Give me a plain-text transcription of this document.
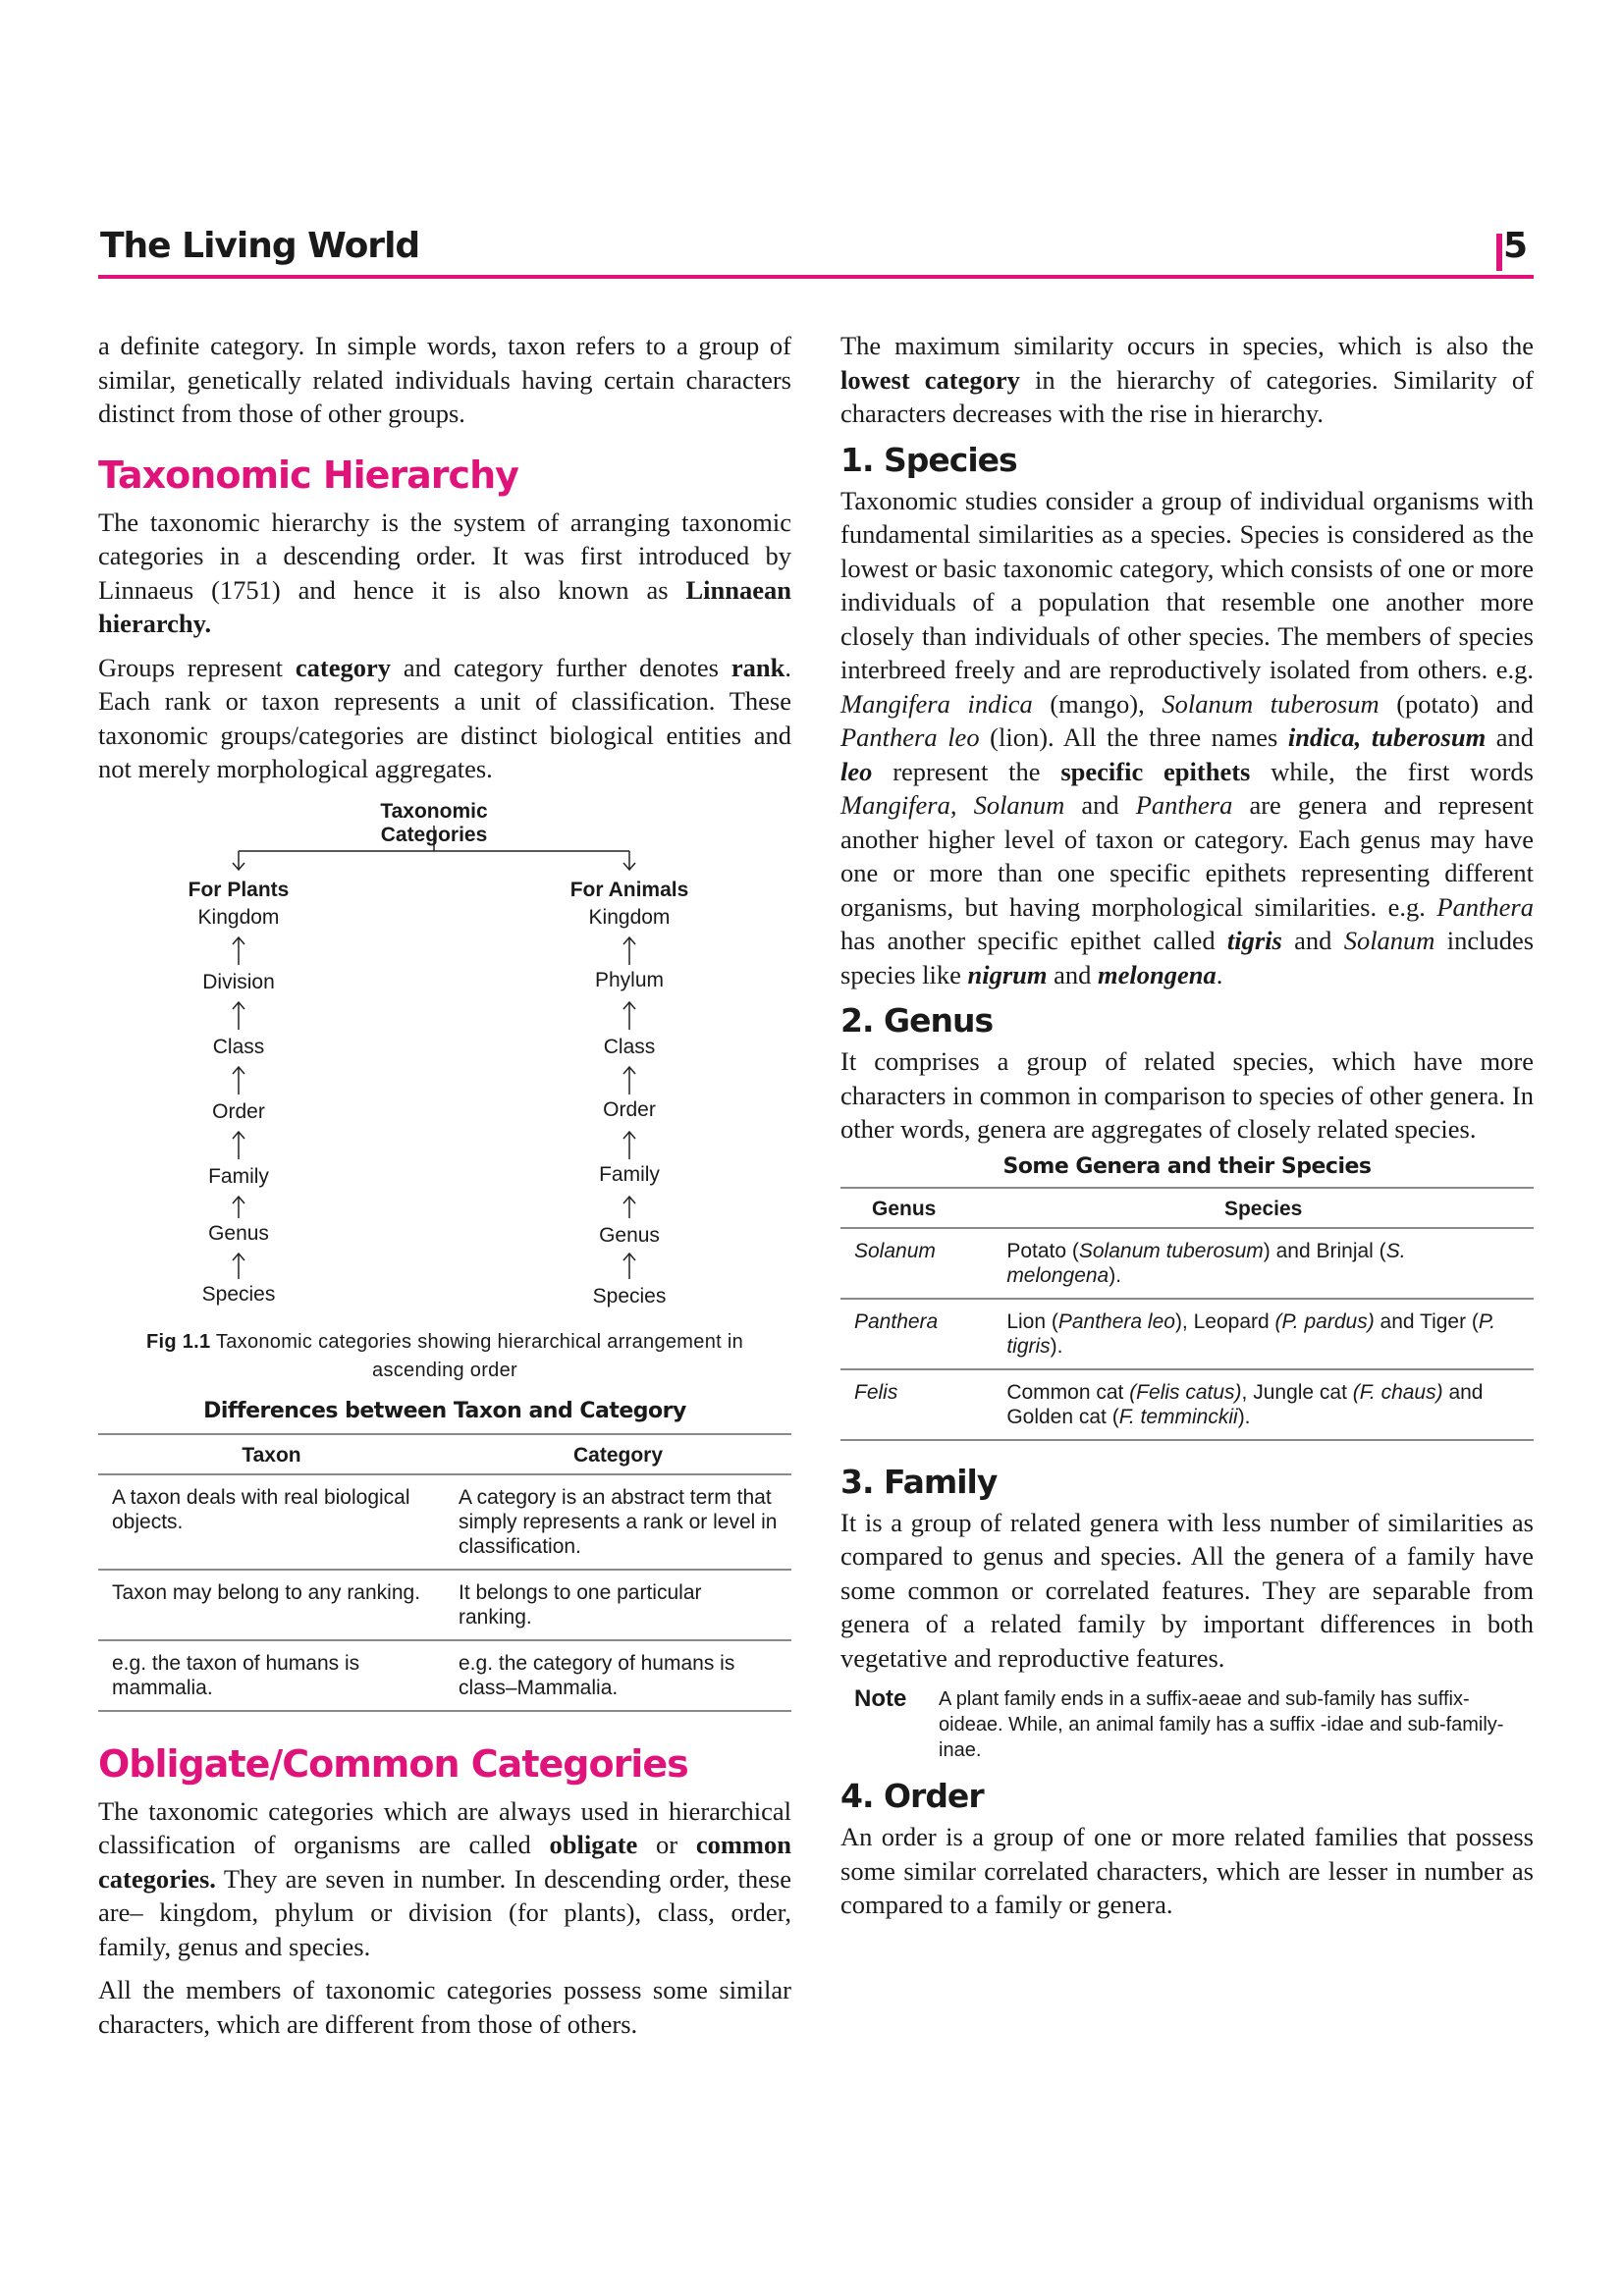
The Living World	5

a definite category. In simple words, taxon refers to a group of similar, genetically related individuals having certain characters distinct from those of other groups.

Taxonomic Hierarchy

The taxonomic hierarchy is the system of arranging taxonomic categories in a descending order. It was first introduced by Linnaeus (1751) and hence it is also known as Linnaean hierarchy.

Groups represent category and category further denotes rank. Each rank or taxon represents a unit of classification. These taxonomic groups/categories are distinct biological entities and not merely morphological aggregates.

Taxonomic Categories
For Plants	For Animals
Kingdom
Division
Class
Order
Family
Genus
Species
Kingdom
Phylum
Class
Order
Family
Genus
Species

Fig 1.1 Taxonomic categories showing hierarchical arrangement in ascending order

Differences between Taxon and Category
Taxon	Category
A taxon deals with real biological objects.	A category is an abstract term that simply represents a rank or level in classification.
Taxon may belong to any ranking.	It belongs to one particular ranking.
e.g. the taxon of humans is mammalia.	e.g. the category of humans is class–Mammalia.
Obligate/Common Categories

The taxonomic categories which are always used in hierarchical classification of organisms are called obligate or common categories. They are seven in number. In descending order, these are– kingdom, phylum or division (for plants), class, order, family, genus and species.

All the members of taxonomic categories possess some similar characters, which are different from those of others.

The maximum similarity occurs in species, which is also the lowest category in the hierarchy of categories. Similarity of characters decreases with the rise in hierarchy.

1. Species

Taxonomic studies consider a group of individual organisms with fundamental similarities as a species. Species is considered as the lowest or basic taxonomic category, which consists of one or more individuals of a population that resemble one another more closely than individuals of other species. The members of species interbreed freely and are reproductively isolated from others. e.g. Mangifera indica (mango), Solanum tuberosum (potato) and Panthera leo (lion). All the three names indica, tuberosum and leo represent the specific epithets while, the first words Mangifera, Solanum and Panthera are genera and represent another higher level of taxon or category. Each genus may have one or more than one specific epithets representing different organisms, but having morphological similarities. e.g. Panthera has another specific epithet called tigris and Solanum includes species like nigrum and melongena.

2. Genus

It comprises a group of related species, which have more characters in common in comparison to species of other genera. In other words, genera are aggregates of closely related species.

Some Genera and their Species
Genus	Species
Solanum	Potato (Solanum tuberosum) and Brinjal (S. melongena).
Panthera	Lion (Panthera leo), Leopard (P. pardus) and Tiger (P. tigris).
Felis	Common cat (Felis catus), Jungle cat (F. chaus) and Golden cat (F. temminckii).
3. Family

It is a group of related genera with less number of similarities as compared to genus and species. All the genera of a family have some common or correlated features. They are separable from genera of a related family by important differences in both vegetative and reproductive features.

Note	A plant family ends in a suffix-aeae and sub-family has suffix-oideae. While, an animal family has a suffix -idae and sub-family-inae.
4. Order

An order is a group of one or more related families that possess some similar correlated characters, which are lesser in number as compared to a family or genera.
